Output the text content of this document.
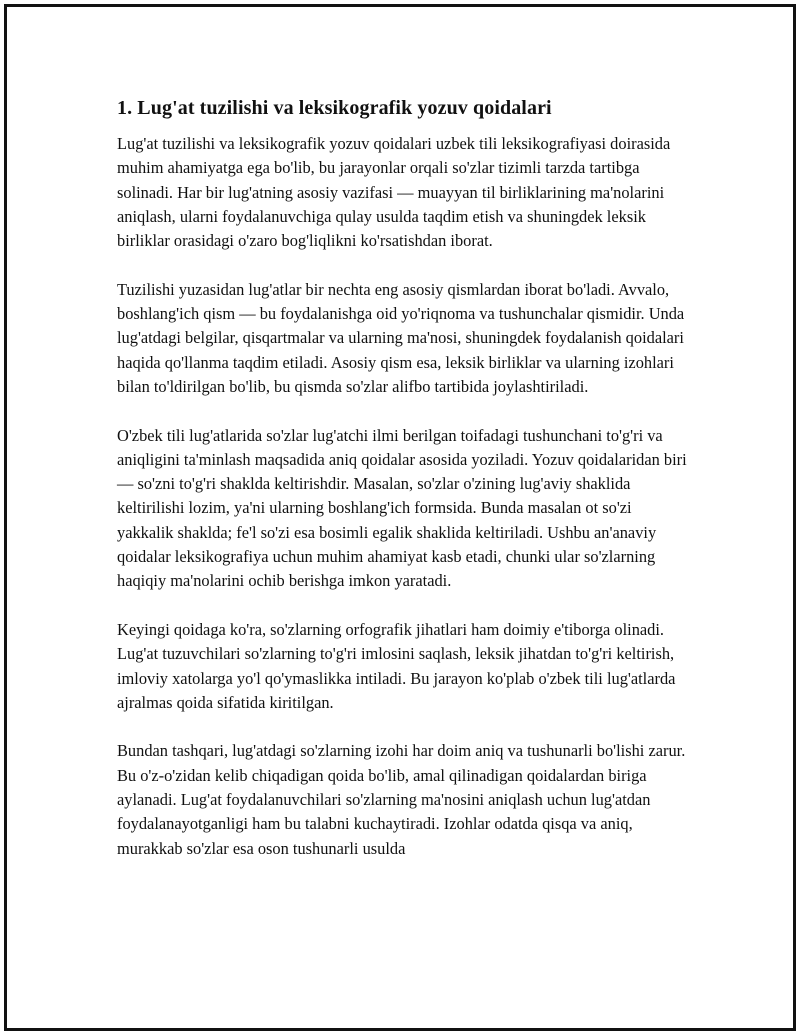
1. Lug'at tuzilishi va leksikografik yozuv qoidalari

Lug'at tuzilishi va leksikografik yozuv qoidalari uzbek tili leksikografiyasi doirasida muhim ahamiyatga ega bo'lib, bu jarayonlar orqali so'zlar tizimli tarzda tartibga solinadi. Har bir lug'atning asosiy vazifasi — muayyan til birliklarining ma'nolarini aniqlash, ularni foydalanuvchiga qulay usulda taqdim etish va shuningdek leksik birliklar orasidagi o'zaro bog'liqlikni ko'rsatishdan iborat.

Tuzilishi yuzasidan lug'atlar bir nechta eng asosiy qismlardan iborat bo'ladi. Avvalo, boshlang'ich qism — bu foydalanishga oid yo'riqnoma va tushunchalar qismidir. Unda lug'atdagi belgilar, qisqartmalar va ularning ma'nosi, shuningdek foydalanish qoidalari haqida qo'llanma taqdim etiladi. Asosiy qism esa, leksik birliklar va ularning izohlari bilan to'ldirilgan bo'lib, bu qismda so'zlar alifbo tartibida joylashtiriladi.

O'zbek tili lug'atlarida so'zlar lug'atchi ilmi berilgan toifadagi tushunchani to'g'ri va aniqligini ta'minlash maqsadida aniq qoidalar asosida yoziladi. Yozuv qoidalaridan biri — so'zni to'g'ri shaklda keltirishdir. Masalan, so'zlar o'zining lug'aviy shaklida keltirilishi lozim, ya'ni ularning boshlang'ich formsida. Bunda masalan ot so'zi yakkalik shaklda; fe'l so'zi esa bosimli egalik shaklida keltiriladi. Ushbu an'anaviy qoidalar leksikografiya uchun muhim ahamiyat kasb etadi, chunki ular so'zlarning haqiqiy ma'nolarini ochib berishga imkon yaratadi.

Keyingi qoidaga ko'ra, so'zlarning orfografik jihatlari ham doimiy e'tiborga olinadi. Lug'at tuzuvchilari so'zlarning to'g'ri imlosini saqlash, leksik jihatdan to'g'ri keltirish, imloviy xatolarga yo'l qo'ymaslikka intiladi. Bu jarayon ko'plab o'zbek tili lug'atlarda ajralmas qoida sifatida kiritilgan.

Bundan tashqari, lug'atdagi so'zlarning izohi har doim aniq va tushunarli bo'lishi zarur. Bu o'z-o'zidan kelib chiqadigan qoida bo'lib, amal qilinadigan qoidalardan biriga aylanadi. Lug'at foydalanuvchilari so'zlarning ma'nosini aniqlash uchun lug'atdan foydalanayotganligi ham bu talabni kuchaytiradi. Izohlar odatda qisqa va aniq, murakkab so'zlar esa oson tushunarli usulda
